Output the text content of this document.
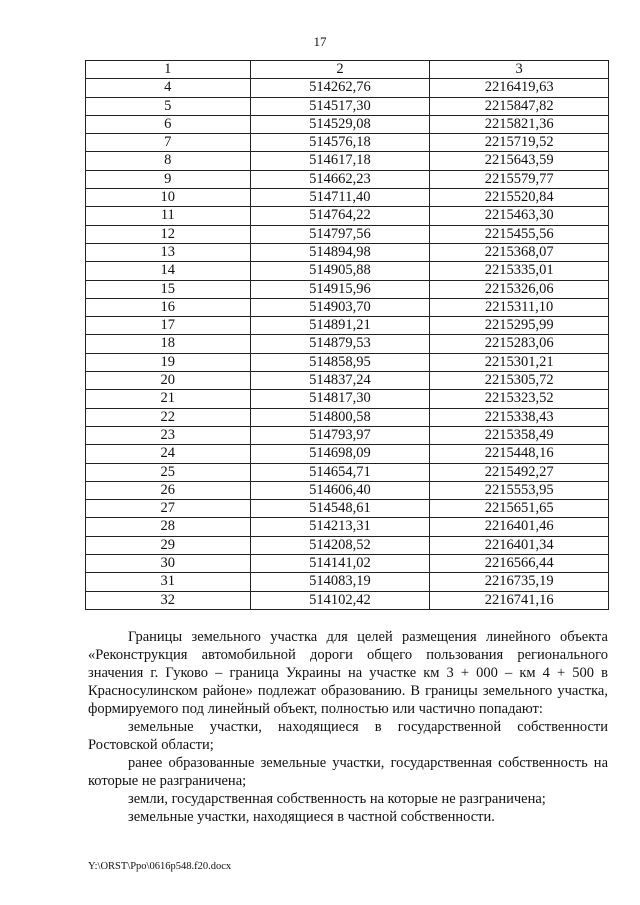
17
1	2	3
4	514262,76	2216419,63
5	514517,30	2215847,82
6	514529,08	2215821,36
7	514576,18	2215719,52
8	514617,18	2215643,59
9	514662,23	2215579,77
10	514711,40	2215520,84
11	514764,22	2215463,30
12	514797,56	2215455,56
13	514894,98	2215368,07
14	514905,88	2215335,01
15	514915,96	2215326,06
16	514903,70	2215311,10
17	514891,21	2215295,99
18	514879,53	2215283,06
19	514858,95	2215301,21
20	514837,24	2215305,72
21	514817,30	2215323,52
22	514800,58	2215338,43
23	514793,97	2215358,49
24	514698,09	2215448,16
25	514654,71	2215492,27
26	514606,40	2215553,95
27	514548,61	2215651,65
28	514213,31	2216401,46
29	514208,52	2216401,34
30	514141,02	2216566,44
31	514083,19	2216735,19
32	514102,42	2216741,16

Границы земельного участка для целей размещения линейного объекта «Реконструкция автомобильной дороги общего пользования регионального значения г. Гуково – граница Украины на участке км 3 + 000 – км 4 + 500 в Красносулинском районе» подлежат образованию. В границы земельного участка, формируемого под линейный объект, полностью или частично попадают:

земельные участки, находящиеся в государственной собственности Ростовской области;

ранее образованные земельные участки, государственная собственность на которые не разграничена;

земли, государственная собственность на которые не разграничена;

земельные участки, находящиеся в частной собственности.

Y:\ORST\Ppo\0616p548.f20.docx
